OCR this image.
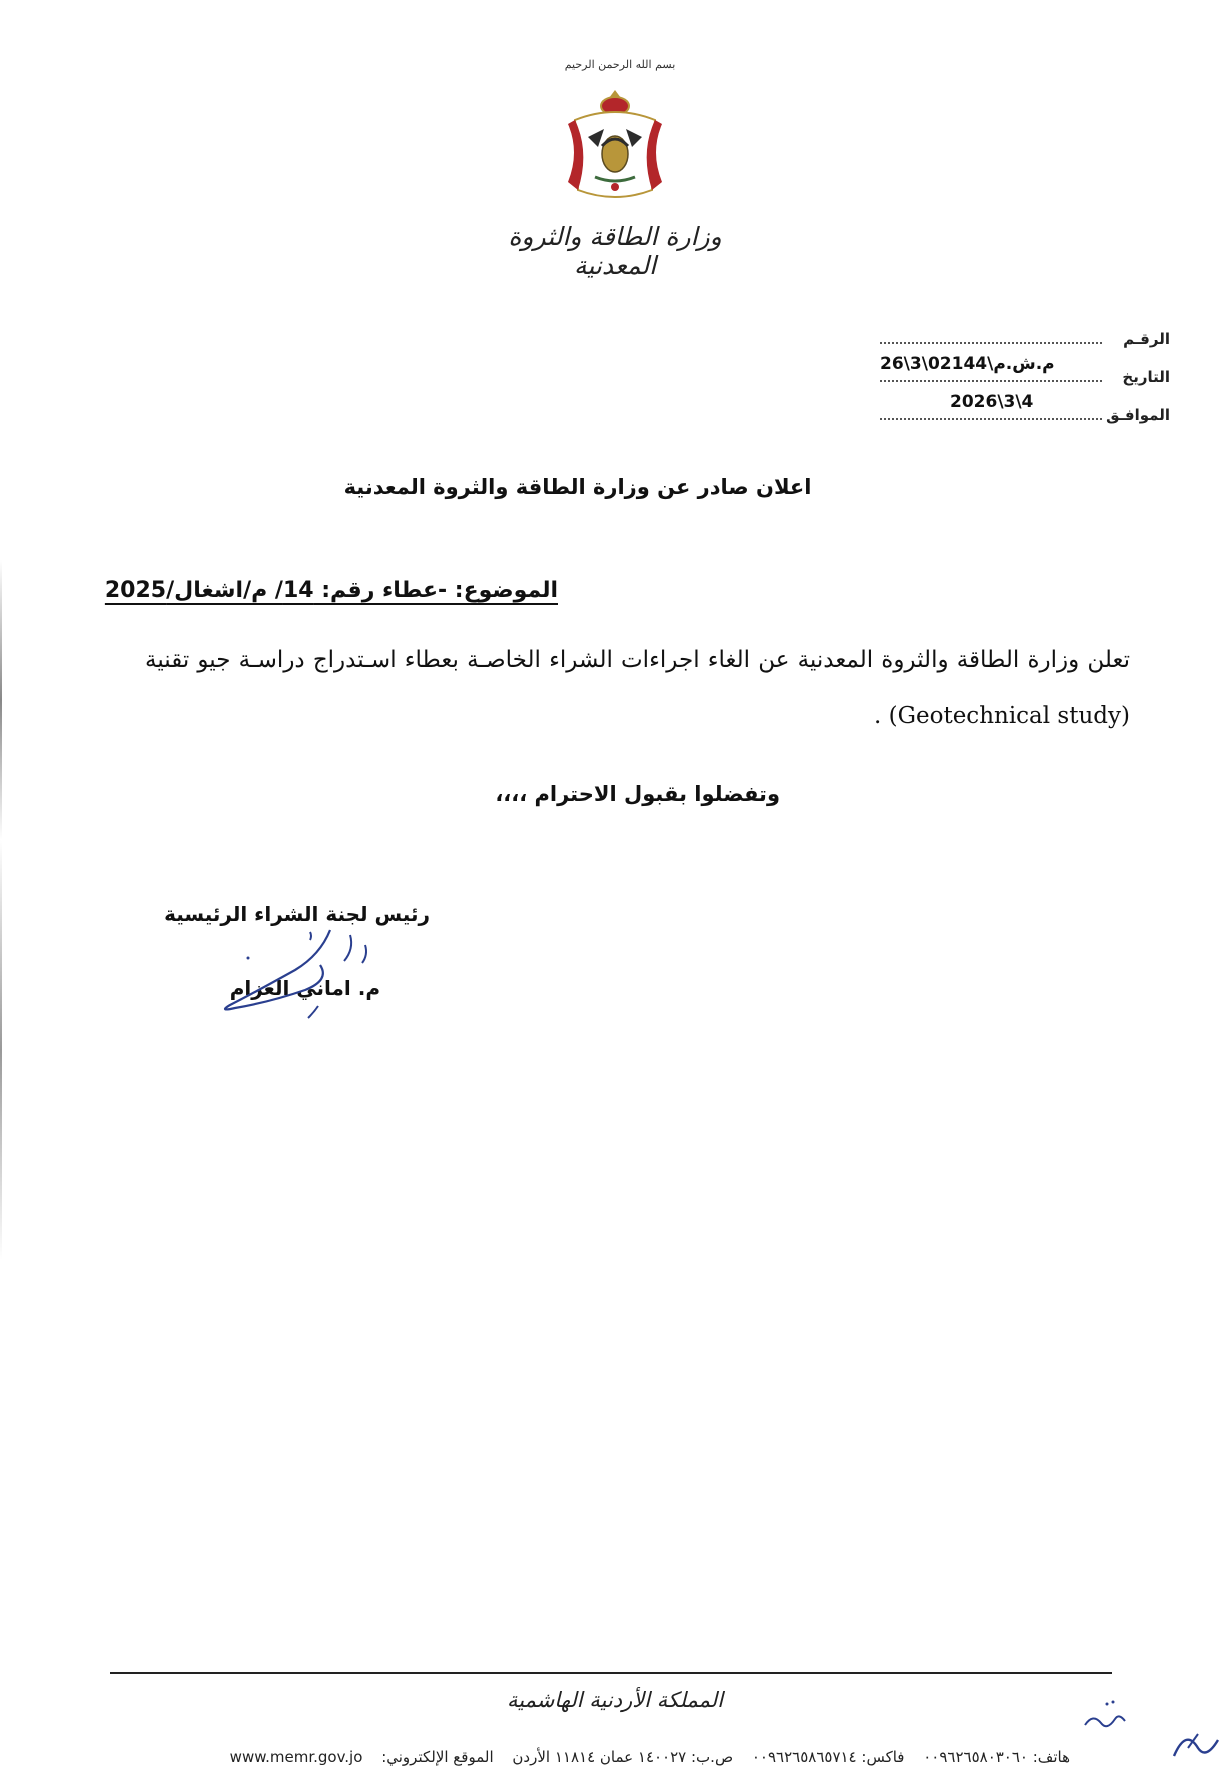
بسم الله الرحمن الرحيم
وزارة الطاقة والثروة المعدنية
الرقـم
م.ش.م\02144\3\26
التاريخ
2026\3\4
الموافـق
اعلان صادر عن وزارة الطاقة والثروة المعدنية
الموضوع: -عطاء رقم: 14/ م/اشغال/2025
تعلن وزارة الطاقة والثروة المعدنية عن الغاء اجراءات الشراء الخاصـة بعطاء اسـتدراج دراسـة جيو تقنية (Geotechnical study) .
وتفضلوا بقبول الاحترام ،،،،
رئيس لجنة الشراء الرئيسية
م. اماني العزام
المملكة الأردنية الهاشمية
هاتف: ٠٠٩٦٢٦٥٨٠٣٠٦٠ فاكس: ٠٠٩٦٢٦٥٨٦٥٧١٤ ص.ب: ١٤٠٠٢٧ عمان ١١٨١٤ الأردن الموقع الإلكتروني: www.memr.gov.jo
